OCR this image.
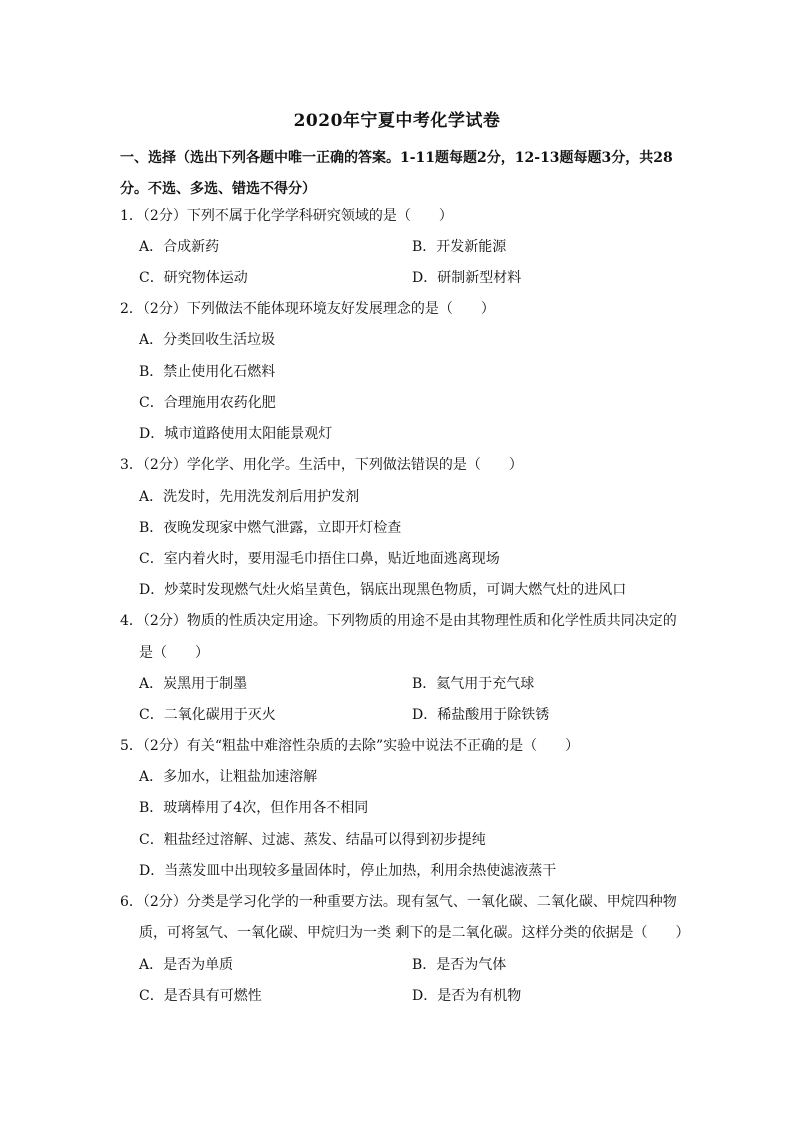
2020年宁夏中考化学试卷
一、选择（选出下列各题中唯一正确的答案。1-11题每题2分，12-13题每题3分，共28分。不选、多选、错选不得分）
1．（2分）下列不属于化学学科研究领域的是（　　）
A．合成新药	B．开发新能源
C．研究物体运动	D．研制新型材料
2．（2分）下列做法不能体现环境友好发展理念的是（　　）
A．分类回收生活垃圾
B．禁止使用化石燃料
C．合理施用农药化肥
D．城市道路使用太阳能景观灯
3．（2分）学化学、用化学。生活中，下列做法错误的是（　　）
A．洗发时，先用洗发剂后用护发剂
B．夜晚发现家中燃气泄露，立即开灯检查
C．室内着火时，要用湿毛巾捂住口鼻，贴近地面逃离现场
D．炒菜时发现燃气灶火焰呈黄色，锅底出现黑色物质，可调大燃气灶的进风口
4．（2分）物质的性质决定用途。下列物质的用途不是由其物理性质和化学性质共同决定的
是（　　）
A．炭黑用于制墨	B．氦气用于充气球
C．二氧化碳用于灭火	D．稀盐酸用于除铁锈
5．（2分）有关“粗盐中难溶性杂质的去除”实验中说法不正确的是（　　）
A．多加水，让粗盐加速溶解
B．玻璃棒用了4次，但作用各不相同
C．粗盐经过溶解、过滤、蒸发、结晶可以得到初步提纯
D．当蒸发皿中出现较多量固体时，停止加热，利用余热使滤液蒸干
6．（2分）分类是学习化学的一种重要方法。现有氢气、一氧化碳、二氧化碳、甲烷四种物
质，可将氢气、一氧化碳、甲烷归为一类 剩下的是二氧化碳。这样分类的依据是（　　）
A．是否为单质	B．是否为气体
C．是否具有可燃性	D．是否为有机物
